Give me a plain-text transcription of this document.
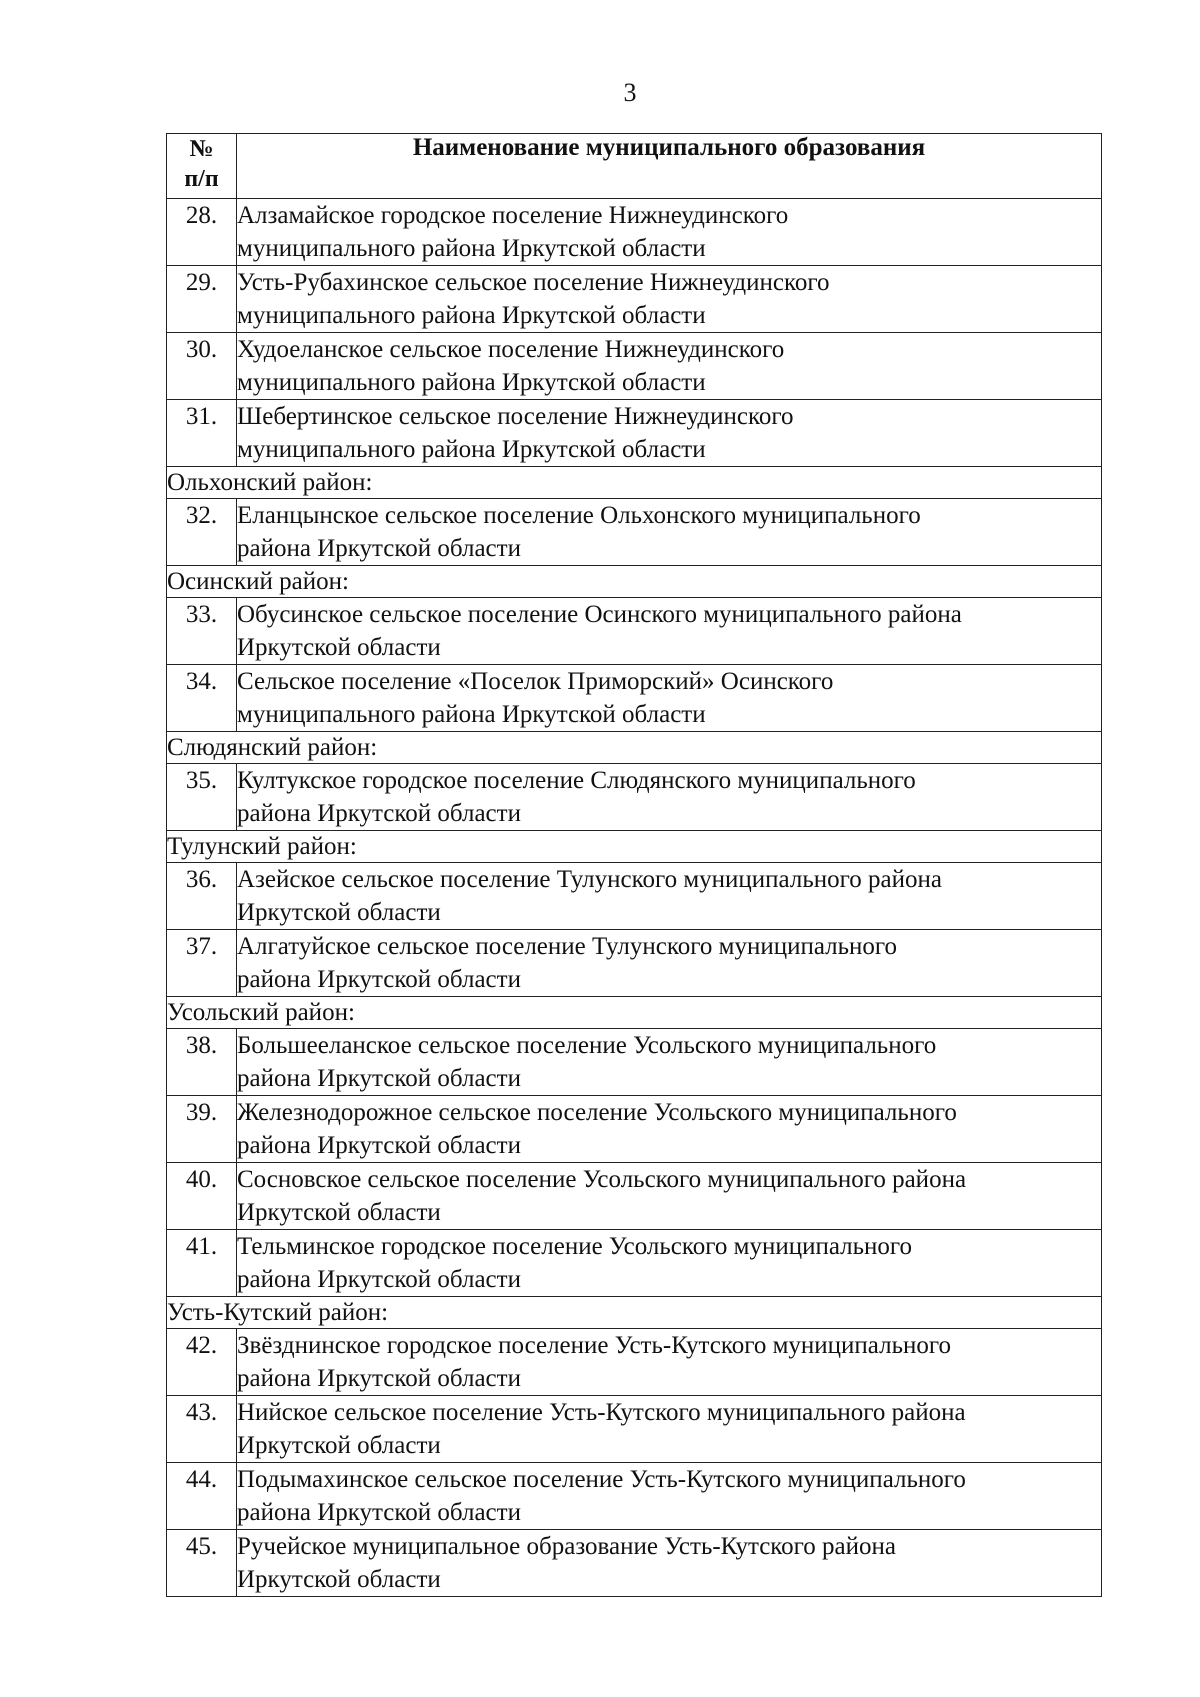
3
№
п/п	Наименование муниципального образования
28.	Алзамайское городское поселение Нижнеудинского
муниципального района Иркутской области
29.	Усть-Рубахинское сельское поселение Нижнеудинского
муниципального района Иркутской области
30.	Худоеланское сельское поселение Нижнеудинского
муниципального района Иркутской области
31.	Шебертинское сельское поселение Нижнеудинского
муниципального района Иркутской области
Ольхонский район:	
32.	Еланцынское сельское поселение Ольхонского муниципального
района Иркутской области
Осинский район:	
33.	Обусинское сельское поселение Осинского муниципального района
Иркутской области
34.	Сельское поселение «Поселок Приморский» Осинского
муниципального района Иркутской области
Слюдянский район:	
35.	Култукское городское поселение Слюдянского муниципального
района Иркутской области
Тулунский район:	
36.	Азейское сельское поселение Тулунского муниципального района
Иркутской области
37.	Алгатуйское сельское поселение Тулунского муниципального
района Иркутской области
Усольский район:	
38.	Большееланское сельское поселение Усольского муниципального
района Иркутской области
39.	Железнодорожное сельское поселение Усольского муниципального
района Иркутской области
40.	Сосновское сельское поселение Усольского муниципального района
Иркутской области
41.	Тельминское городское поселение Усольского муниципального
района Иркутской области
Усть-Кутский район:	
42.	Звёзднинское городское поселение Усть-Кутского муниципального
района Иркутской области
43.	Нийское сельское поселение Усть-Кутского муниципального района
Иркутской области
44.	Подымахинское сельское поселение Усть-Кутского муниципального
района Иркутской области
45.	Ручейское муниципальное образование Усть-Кутского района
Иркутской области
